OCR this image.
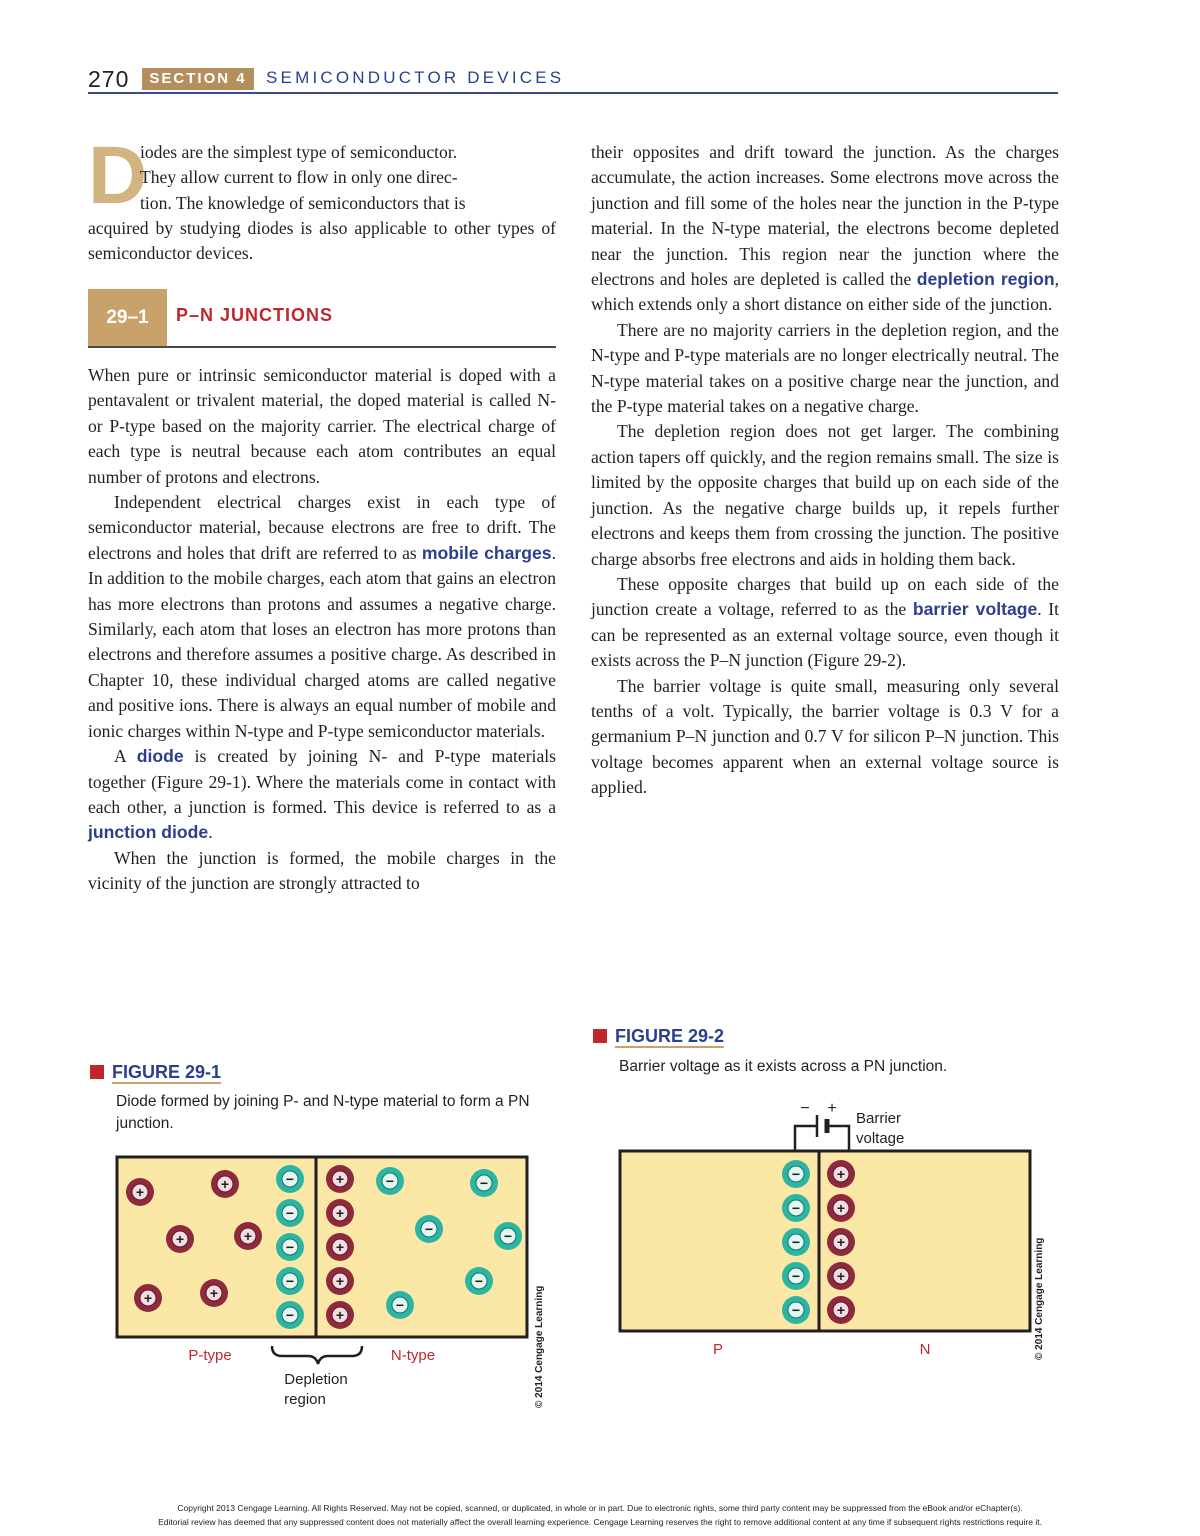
270	SECTION 4	SEMICONDUCTOR DEVICES
D

iodes are the simplest type of semiconductor.

They allow current to flow in only one direc-

tion. The knowledge of semiconductors that is

acquired by studying diodes is also applicable to other types of semiconductor devices.

29–1	P–N JUNCTIONS

When pure or intrinsic semiconductor material is doped with a pentavalent or trivalent material, the doped material is called N- or P-type based on the majority carrier. The electrical charge of each type is neutral because each atom contributes an equal number of protons and electrons.

Independent electrical charges exist in each type of semiconductor material, because electrons are free to drift. The electrons and holes that drift are referred to as mobile charges. In addition to the mobile charges, each atom that gains an electron has more electrons than protons and assumes a negative charge. Similarly, each atom that loses an electron has more protons than electrons and therefore assumes a positive charge. As described in Chapter 10, these individual charged atoms are called negative and positive ions. There is always an equal number of mobile and ionic charges within N-type and P-type semiconductor materials.

A diode is created by joining N- and P-type materials together (Figure 29-1). Where the materials come in contact with each other, a junction is formed. This device is referred to as a junction diode.

When the junction is formed, the mobile charges in the vicinity of the junction are strongly attracted to

their opposites and drift toward the junction. As the charges accumulate, the action increases. Some electrons move across the junction and fill some of the holes near the junction in the P-type material. In the N-type material, the electrons become depleted near the junction. This region near the junction where the electrons and holes are depleted is called the depletion region, which extends only a short distance on either side of the junction.

There are no majority carriers in the depletion region, and the N-type and P-type materials are no longer electrically neutral. The N-type material takes on a positive charge near the junction, and the P-type material takes on a negative charge.

The depletion region does not get larger. The combining action tapers off quickly, and the region remains small. The size is limited by the opposite charges that build up on each side of the junction. As the negative charge builds up, it repels further electrons and keeps them from crossing the junction. The positive charge absorbs free electrons and aids in holding them back.

These opposite charges that build up on each side of the junction create a voltage, referred to as the barrier voltage. It can be represented as an external voltage source, even though it exists across the P–N junction (Figure 29-2).

The barrier voltage is quite small, measuring only several tenths of a volt. Typically, the barrier voltage is 0.3 V for a germanium P–N junction and 0.7 V for silicon P–N junction. This voltage becomes apparent when an external voltage source is applied.

FIGURE 29-1
Diode formed by joining P- and N-type material to form a PN junction.
+	+
+	+
+	+
−
−
−
−
−
+
+
+
+
+
−	−
−	−
−
−
P-type	N-type
Depletion
region	© 2014 Cengage Learning
FIGURE 29-2
Barrier voltage as it exists across a PN junction.
− +
Barrier
voltage
−
−
−
−
−
+
+
+
+
+
P	N	© 2014 Cengage Learning
Copyright 2013 Cengage Learning. All Rights Reserved. May not be copied, scanned, or duplicated, in whole or in part. Due to electronic rights, some third party content may be suppressed from the eBook and/or eChapter(s).
Editorial review has deemed that any suppressed content does not materially affect the overall learning experience. Cengage Learning reserves the right to remove additional content at any time if subsequent rights restrictions require it.
